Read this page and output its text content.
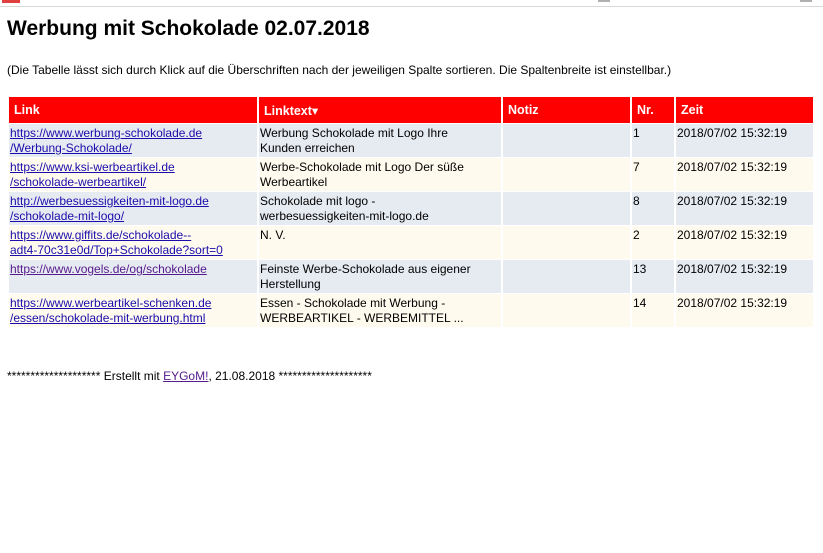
Werbung mit Schokolade 02.07.2018
(Die Tabelle lässt sich durch Klick auf die Überschriften nach der jeweiligen Spalte sortieren. Die Spaltenbreite ist einstellbar.)
Link	Linktext▾	Notiz	Nr.	Zeit
https://www.werbung-schokolade.de
/Werbung-Schokolade/	Werbung Schokolade mit Logo Ihre
Kunden erreichen		1	2018/07/02 15:32:19
https://www.ksi-werbeartikel.de
/schokolade-werbeartikel/	Werbe-Schokolade mit Logo Der süße
Werbeartikel		7	2018/07/02 15:32:19
http://werbesuessigkeiten-mit-logo.de
/schokolade-mit-logo/	Schokolade mit logo -
werbesuessigkeiten-mit-logo.de		8	2018/07/02 15:32:19
https://www.giffits.de/schokolade--
adt4-70c31e0d/Top+Schokolade?sort=0	N. V.		2	2018/07/02 15:32:19
https://www.vogels.de/og/schokolade	Feinste Werbe-Schokolade aus eigener
Herstellung		13	2018/07/02 15:32:19
https://www.werbeartikel-schenken.de
/essen/schokolade-mit-werbung.html	Essen - Schokolade mit Werbung -
WERBEARTIKEL - WERBEMITTEL ...		14	2018/07/02 15:32:19
******************** Erstellt mit EYGoM!, 21.08.2018 ********************
